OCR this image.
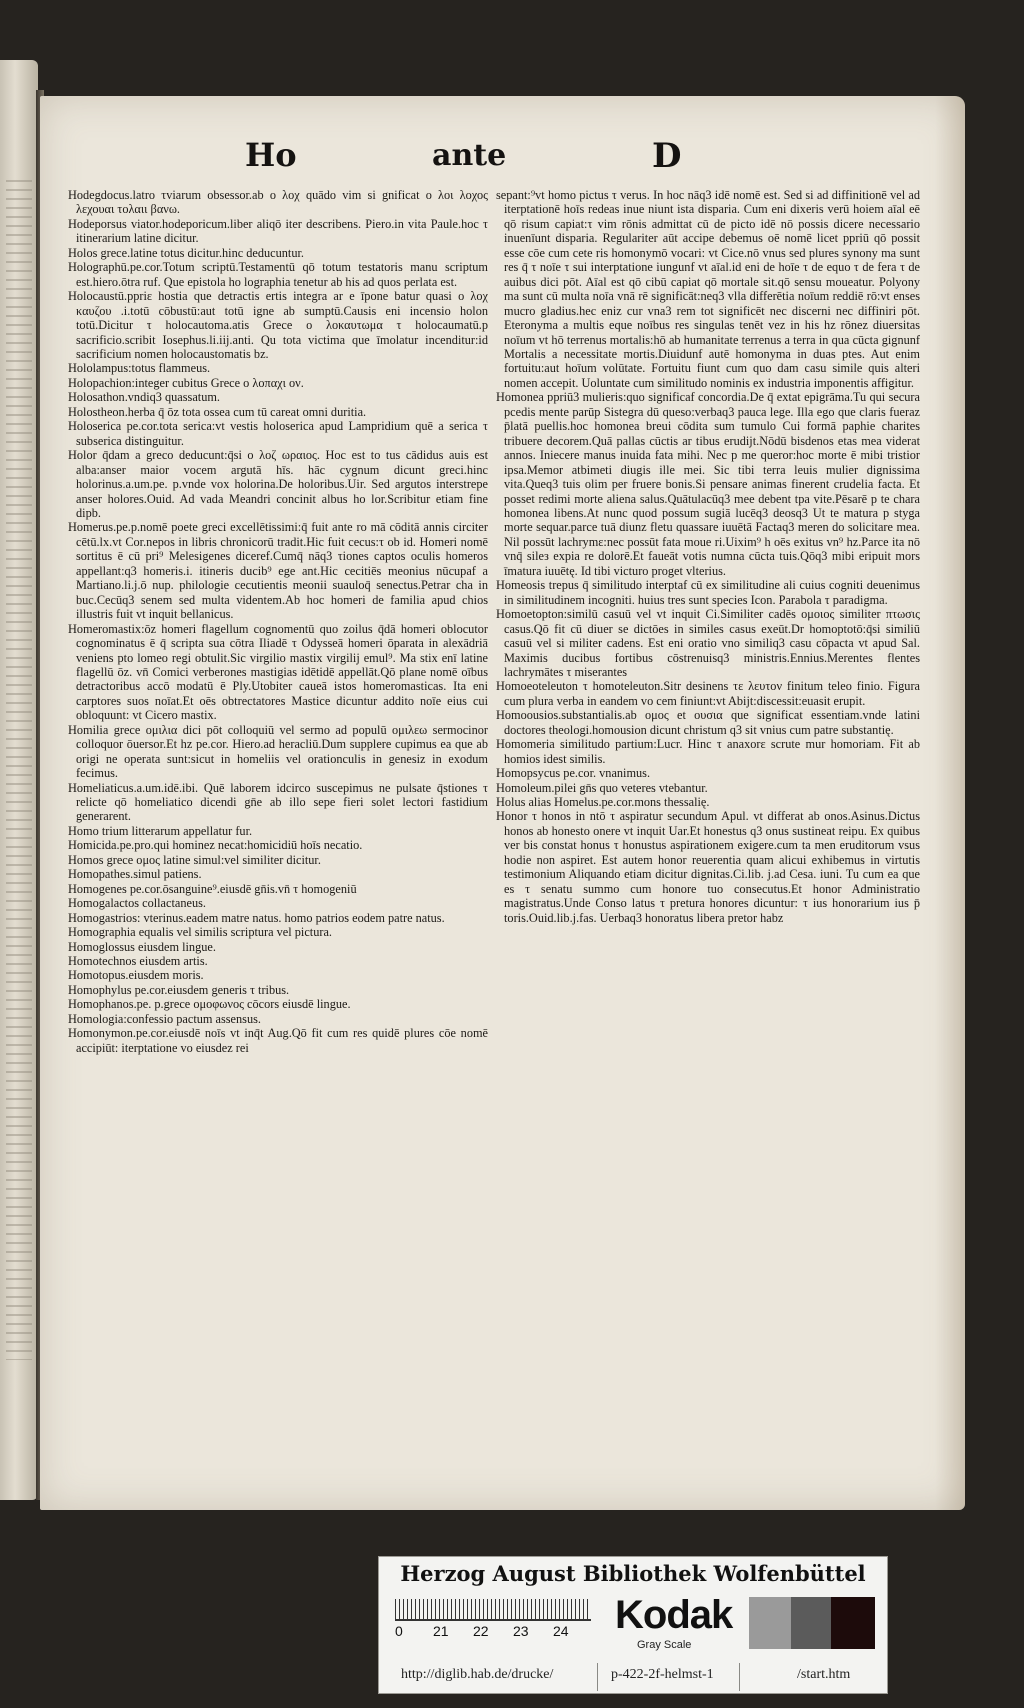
Ho	ante	D

Hodegdocus.latro τviarum obsessor.ab ο λοχ quādo vim si gnificat ο λοι λοχος λεχουαι τολαιι βανω.

Hodeporsus viator.hodeporicum.liber aliqō iter describens. Piero.in vita Paule.hoc τ itinerarium latine dicitur.

Holos grece.latine totus dicitur.hinc deducuntur.

Holographū.pe.cor.Totum scriptū.Testamentū qō totum testatoris manu scriptum est.hiero.ōtra ruf. Que epistola ho lographia tenetur ab his ad quos perlata est.

Holocaustū.ppriε hostia que detractis ertis integra ar e īpone batur quasi ο λοχ καυζου .i.totū cōbustū:aut totū igne ab sumptū.Causis eni incensio holon totū.Dicitur τ holocautoma.atis Grece ο λοκαυτωμα τ holocaumatū.p sacrificio.scribit Iosephus.li.iij.anti. Qu tota victima que īmolatur incenditur:id sacrificium nomen holocaustomatis bz.

Hololampus:totus flammeus.

Holopachion:integer cubitus Grece ο λοπαχι ον.

Holosathon.vndiq3 quassatum.

Holostheon.herba q̄ ōz tota ossea cum tū careat omni duritia.

Holoserica pe.cor.tota serica:vt vestis holoserica apud Lampridium quē a serica τ subserica distinguitur.

Holor q̄dam a greco deducunt:q̄si ο λοζ ωραιος. Hoc est to tus cādidus auis est alba:anser maior vocem argutā hīs. hāc cygnum dicunt greci.hinc holorinus.a.um.pe. p.vnde vox holorina.De holoribus.Uir. Sed argutos interstrepe anser holores.Ouid. Ad vada Meandri concinit albus ho lor.Scribitur etiam fine dipb.

Homerus.pe.p.nomē poete greci excellētissimi:q̄ fuit ante ro mā cōditā annis circiter cētū.lx.vt Cor.nepos in libris chronicorū tradit.Hic fuit cecus:τ ob id. Homeri nomē sortitus ē cū pri⁹ Melesigenes diceref.Cumq̄ nāq3 τiones captos oculis homeros appellant:q3 homeris.i. itineris ducib⁹ ege ant.Hic cecitiēs meonius nūcupaf a Martiano.li.j.ō nup. philologie cecutientis meonii suauloq̄ senectus.Petrar cha in buc.Cecūq3 senem sed multa videntem.Ab hoc homeri de familia apud chios illustris fuit vt inquit bellanicus.

Homeromastix:ōz homeri flagellum cognomentū quo zoilus q̄dā homeri oblocutor cognominatus ē q̄ scripta sua cōtra Iliadē τ Odysseā homeri ōparata in alexādriā veniens pto lomeo regi obtulit.Sic virgilio mastix virgilij emul⁹. Ma stix enī latine flagellū ōz. vn̄ Comici verberones mastigias idētidē appellāt.Qō plane nomē oībus detractoribus accō modatū ē Ply.Utobiter caueā istos homeromasticas. Ita eni carptores suos noīat.Et oēs obtrectatores Mastice dicuntur addito noīe eius cui obloquunt: vt Cicero mastix.

Homilia grece ομιλια dici pōt colloquiū vel sermo ad populū ομιλεω sermocinor colloquor ōuersor.Et hz pe.cor. Hiero.ad heracliū.Dum supplere cupimus ea que ab origi ne operata sunt:sicut in homeliis vel orationculis in genesiz in exodum fecimus.

Homeliaticus.a.um.idē.ibi. Quē laborem idcirco suscepimus ne pulsate q̄stiones τ relicte qō homeliatico dicendi gn̄e ab illo sepe fieri solet lectori fastidium generarent.

Homo trium litterarum appellatur fur.

Homicida.pe.pro.qui hominez necat:homicidiū hoīs necatio.

Homos grece ομος latine simul:vel similiter dicitur.

Homopathes.simul patiens.

Homogenes pe.cor.ōsanguine⁹.eiusdē gn̄is.vn̄ τ homogeniū

Homogalactos collactaneus.

Homogastrios: vterinus.eadem matre natus. homo patrios eodem patre natus.

Homographia equalis vel similis scriptura vel pictura.

Homoglossus eiusdem lingue.

Homotechnos eiusdem artis.

Homotopus.eiusdem moris.

Homophylus pe.cor.eiusdem generis τ tribus.

Homophanos.pe. p.grece ομοφωνος cōcors eiusdē lingue.

Homologia:confessio pactum assensus.

Homonymon.pe.cor.eiusdē noīs vt inq̄t Aug.Qō fit cum res quidē plures cōe nomē accipiūt: iterptatione vo eiusdez rei

sepant:⁹vt homo pictus τ verus. In hoc nāq3 idē nomē est. Sed si ad diffinitionē vel ad iterptationē hoīs redeas inue niunt ista disparia. Cum eni dixeris verū hoiem aīal eē qō risum capiat:τ vim rōnis admittat cū de picto idē nō possis dicere necessario inuenīunt disparia. Regulariter aūt accipe debemus oē nomē licet ppriū qō possit esse cōe cum cete ris homonymō vocari: vt Cice.nō vnus sed plures synony ma sunt res q̄ τ noīe τ sui interptatione iungunf vt aīal.id eni de hoīe τ de equo τ de fera τ de auibus dici pōt. Aīal est qō cibū capiat qō mortale sit.qō sensu moueatur. Polyony ma sunt cū multa noīa vnā rē significāt:neq3 vlla differētia noīum reddiē rō:vt enses mucro gladius.hec eniz cur vna3 rem tot significēt nec discerni nec diffiniri pōt. Eteronyma a multis eque noībus res singulas tenēt vez in his hz rōnez diuersitas noīum vt hō terrenus mortalis:hō ab humanitate terrenus a terra in qua cūcta gignunf Mortalis a necessitate mortis.Diuidunf autē homonyma in duas ptes. Aut enim fortuitu:aut hoīum volūtate. Fortuitu fiunt cum quo dam casu simile quis alteri nomen accepit. Uoluntate cum similitudo nominis ex industria imponentis affigitur.

Homonea ppriū3 mulieris:quo significaf concordia.De q̄ extat epigrāma.Tu qui secura pcedis mente parūp Sistegra dū queso:verbaq3 pauca lege. Illa ego que claris fueraz p̄latā puellis.hoc homonea breui cōdita sum tumulo Cui formā paphie charites tribuere decorem.Quā pallas cūctis ar tibus erudijt.Nōdū bisdenos etas mea viderat annos. Iniecere manus inuida fata mihi. Nec p me queror:hoc morte ē mibi tristior ipsa.Memor atbimeti diugis ille mei. Sic tibi terra leuis mulier dignissima vita.Queq3 tuis olim per fruere bonis.Si pensare animas finerent crudelia facta. Et posset redimi morte aliena salus.Quātulacūq3 mee debent tpa vite.Pēsarē p te chara homonea libens.At nunc quod possum sugiā lucēq3 deosq3 Ut te matura p styga morte sequar.parce tuā diunz fletu quassare iuuētā Factaq3 meren do solicitare mea. Nil possūt lachrymε:nec possūt fata moue ri.Uixim⁹ h oēs exitus vn⁹ hz.Parce ita nō vnq̄ sileз expia re dolorē.Et faueāt votis numna cūcta tuis.Qōq3 mibi eripuit mors īmatura iuuētę. Id tibi victuro proget vlterius.

Homeosis trepus q̄ similitudo interptaf cū ex similitudine ali cuius cogniti deuenimus in similitudinem incogniti. huius tres sunt species Icon. Parabola τ paradigma.

Homoetopton:similū casuū vel vt inquit Ci.Similiter cadēs ομοιος similiter πτωσις casus.Qō fit cū diuer se dictōes in similes casus exeūt.Dr homoptotō:q̄si similiū casuū vel si militer cadens. Est eni oratio vno similiq3 casu cōpacta vt apud Sal. Maximis ducibus fortibus cōstrenuisq3 ministris.Ennius.Merentes flentes lachrymātes τ miserantes

Homoeoteleuton τ homoteleuton.Sitr desinens τε λευτον finitum teleo finio. Figura cum plura verba in eandem vo cem finiunt:vt Abijt:discessit:euasit erupit.

Homoousios.substantialis.ab ομος et ουσια que significat essentiam.vnde latini doctores theologi.homousion dicunt christum q3 sit vnius cum patre substantię.

Homomeria similitudo partium:Lucr. Hinc τ anaxorε scrute mur homoriam. Fit ab homios idest similis.

Homopsycus pe.cor. vnanimus.

Homoleum.pilei gn̄s quo veteres vtebantur.

Holus alias Homelus.pe.cor.mons thessalię.

Honor τ honos in ntō τ aspiratur secundum Apul. vt differat ab onos.Asinus.Dictus honos ab honesto onere vt inquit Uar.Et honestus q3 onus sustineat reipu. Ex quibus ver bis constat honus τ honustus aspirationem exigere.cum ta men eruditorum vsus hodie non aspiret. Est autem honor reuerentia quam alicui exhibemus in virtutis testimonium Aliquando etiam dicitur dignitas.Ci.lib. j.ad Cesa. iuni. Tu cum ea que es τ senatu summo cum honore tuo consecutus.Et honor Administratio magistratus.Unde Conso latus τ pretura honores dicuntur: τ ius honorarium ius p̄ toris.Ouid.lib.j.fas. Uerbaq3 honoratus libera pretor habz

Herzog August Bibliothek Wolfenbüttel
0 21 22 23 24 Kodak
Gray Scale
http://diglib.hab.de/drucke/	p-422-2f-helmst-1	/start.htm
